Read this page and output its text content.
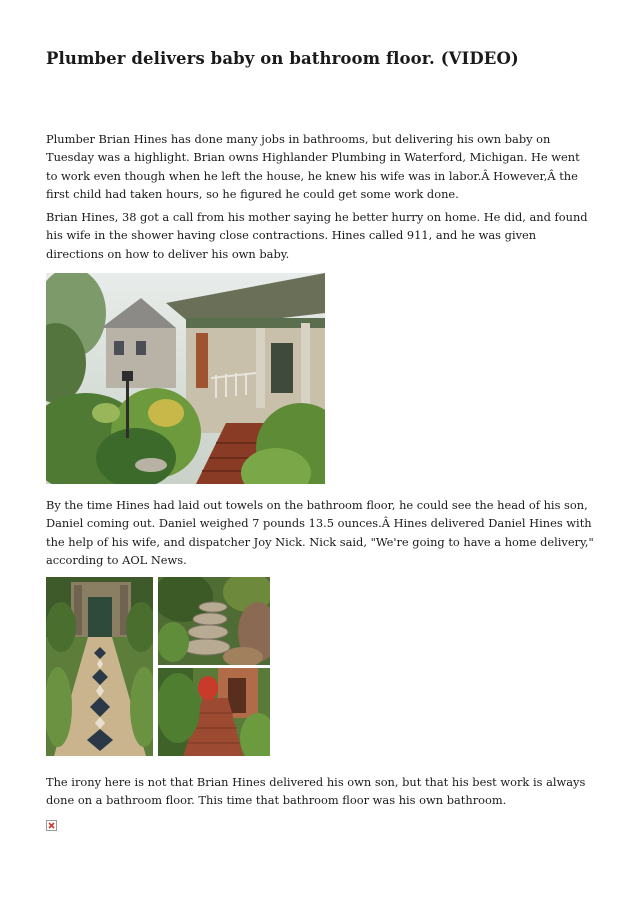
Plumber delivers baby on bathroom floor. (VIDEO)

Plumber Brian Hines has done many jobs in bathrooms, but delivering his own baby on Tuesday was a highlight. Brian owns Highlander Plumbing in Waterford, Michigan. He went to work even though when he left the house, he knew his wife was in labor.Â However,Â the first child had taken hours, so he figured he could get some work done.

Brian Hines, 38 got a call from his mother saying he better hurry on home. He did, and found his wife in the shower having close contractions. Hines called 911, and he was given directions on how to deliver his own baby.

By the time Hines had laid out towels on the bathroom floor, he could see the head of his son, Daniel coming out. Daniel weighed 7 pounds 13.5 ounces.Â Hines delivered Daniel Hines with the help of his wife, and dispatcher Joy Nick. Nick said, "We're going to have a home delivery," according to AOL News.

The irony here is not that Brian Hines delivered his own son, but that his best work is always done on a bathroom floor. This time that bathroom floor was his own bathroom.
